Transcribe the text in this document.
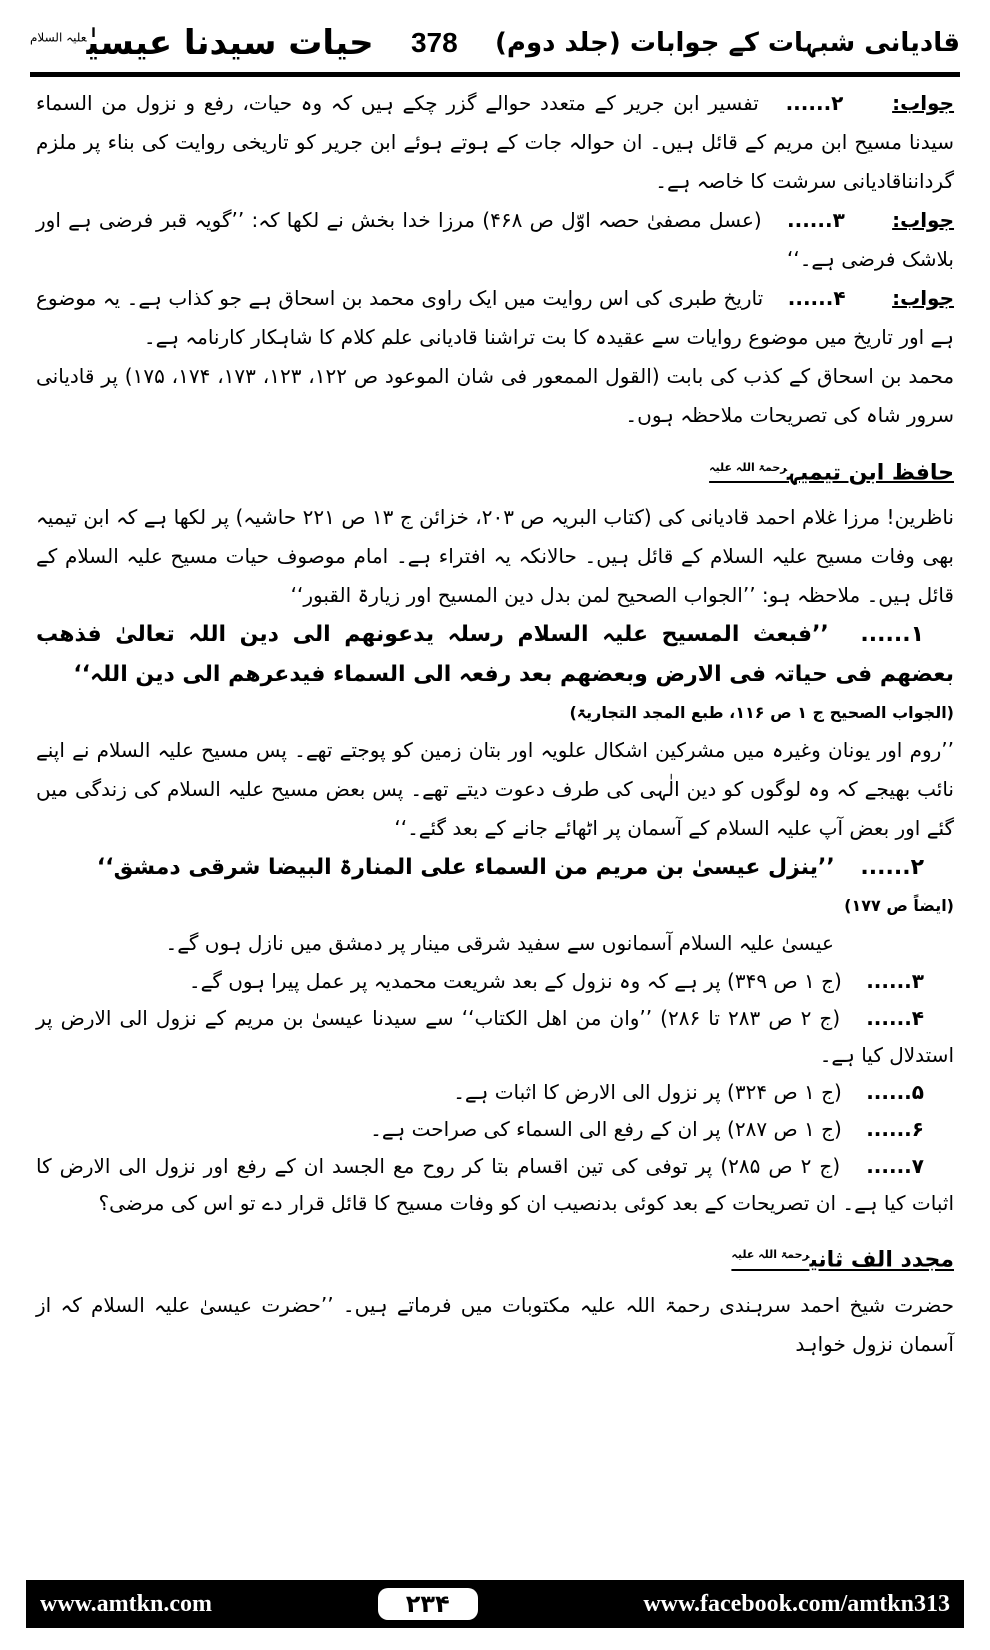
قادیانی شبہات کے جوابات (جلد دوم)
378
حیات سیدنا عیسیٰ$^{علیہ السلام}$

جواب: ۲...... تفسیر ابن جریر کے متعدد حوالے گزر چکے ہیں کہ وہ حیات، رفع و نزول من السماء سیدنا مسیح ابن مریم کے قائل ہیں۔ ان حوالہ جات کے ہوتے ہوئے ابن جریر کو تاریخی روایت کی بناء پر ملزم گردانناقادیانی سرشت کا خاصہ ہے۔

جواب: ۳...... (عسل مصفیٰ حصہ اوّل ص ۴۶۸) مرزا خدا بخش نے لکھا کہ: ’’گویہ قبر فرضی ہے اور بلاشک فرضی ہے۔‘‘

جواب: ۴...... تاریخ طبری کی اس روایت میں ایک راوی محمد بن اسحاق ہے جو کذاب ہے۔ یہ موضوع ہے اور تاریخ میں موضوع روایات سے عقیدہ کا بت تراشنا قادیانی علم کلام کا شاہکار کارنامہ ہے۔

محمد بن اسحاق کے کذب کی بابت (القول الممعور فی شان الموعود ص ۱۲۲، ۱۲۳، ۱۷۳، ۱۷۴، ۱۷۵) پر قادیانی سرور شاہ کی تصریحات ملاحظہ ہوں۔

حافظ ابن تیمیہ$^{رحمۃ اللہ علیہ}$

ناظرین! مرزا غلام احمد قادیانی کی (کتاب البریہ ص ۲۰۳، خزائن ج ۱۳ ص ۲۲۱ حاشیہ) پر لکھا ہے کہ ابن تیمیہ بھی وفات مسیح علیہ السلام کے قائل ہیں۔ حالانکہ یہ افتراء ہے۔ امام موصوف حیات مسیح علیہ السلام کے قائل ہیں۔ ملاحظہ ہو: ’’الجواب الصحیح لمن بدل دین المسیح اور زیارۃ القبور‘‘

۱...... ’’فبعث المسیح علیہ السلام رسلہ یدعونھم الی دین اللہ تعالیٰ فذھب بعضھم فی حیاتہ فی الارض وبعضھم بعد رفعہ الی السماء فیدعرھم الی دین اللہ‘‘

(الجواب الصحیح ج ۱ ص ۱۱۶، طبع المجد التجاریۃ)

’’روم اور یونان وغیرہ میں مشرکین اشکال علویہ اور بتان زمین کو پوجتے تھے۔ پس مسیح علیہ السلام نے اپنے نائب بھیجے کہ وہ لوگوں کو دین الٰہی کی طرف دعوت دیتے تھے۔ پس بعض مسیح علیہ السلام کی زندگی میں گئے اور بعض آپ علیہ السلام کے آسمان پر اٹھائے جانے کے بعد گئے۔‘‘

۲...... ’’ینزل عیسیٰ بن مریم من السماء علی المنارۃ البیضا شرقی دمشق‘‘

(ایضاً ص ۱۷۷)

عیسیٰ علیہ السلام آسمانوں سے سفید شرقی مینار پر دمشق میں نازل ہوں گے۔

۳...... (ج ۱ ص ۳۴۹) پر ہے کہ وہ نزول کے بعد شریعت محمدیہ پر عمل پیرا ہوں گے۔

۴...... (ج ۲ ص ۲۸۳ تا ۲۸۶) ’’وان من اھل الکتاب‘‘ سے سیدنا عیسیٰ بن مریم کے نزول الی الارض پر استدلال کیا ہے۔

۵...... (ج ۱ ص ۳۲۴) پر نزول الی الارض کا اثبات ہے۔

۶...... (ج ۱ ص ۲۸۷) پر ان کے رفع الی السماء کی صراحت ہے۔

۷...... (ج ۲ ص ۲۸۵) پر توفی کی تین اقسام بتا کر روح مع الجسد ان کے رفع اور نزول الی الارض کا اثبات کیا ہے۔ ان تصریحات کے بعد کوئی بدنصیب ان کو وفات مسیح کا قائل قرار دے تو اس کی مرضی؟

مجدد الف ثانی$^{رحمۃ اللہ علیہ}$

حضرت شیخ احمد سرہندی رحمۃ اللہ علیہ مکتوبات میں فرماتے ہیں۔ ’’حضرت عیسیٰ علیہ السلام کہ از آسمان نزول خواہد

www.amtkn.com	۲۳۴	www.facebook.com/amtkn313
